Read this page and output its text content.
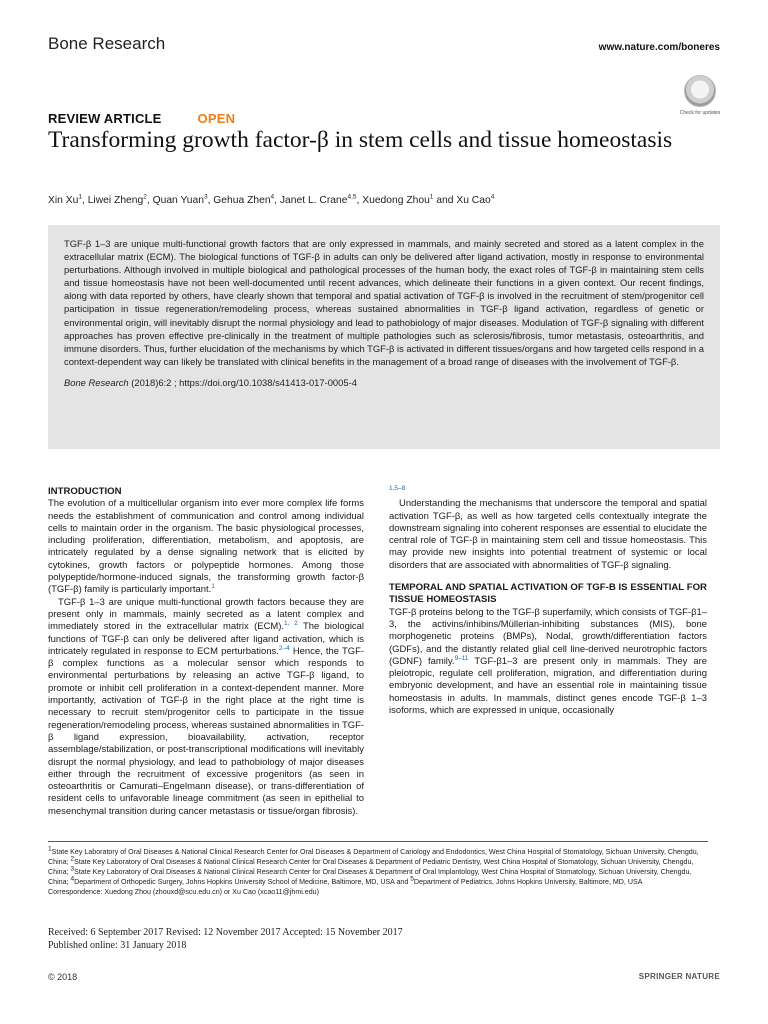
Bone Research	www.nature.com/boneres
Check for updates
REVIEW ARTICLE	OPEN
Transforming growth factor-β in stem cells and tissue homeostasis
Xin Xu$^1$, Liwei Zheng$^2$, Quan Yuan$^3$, Gehua Zhen$^4$, Janet L. Crane$^{4,5}$, Xuedong Zhou$^1$ and Xu Cao$^4$
TGF-β 1–3 are unique multi-functional growth factors that are only expressed in mammals, and mainly secreted and stored as a latent complex in the extracellular matrix (ECM). The biological functions of TGF-β in adults can only be delivered after ligand activation, mostly in response to environmental perturbations. Although involved in multiple biological and pathological processes of the human body, the exact roles of TGF-β in maintaining stem cells and tissue homeostasis have not been well-documented until recent advances, which delineate their functions in a given context. Our recent findings, along with data reported by others, have clearly shown that temporal and spatial activation of TGF-β is involved in the recruitment of stem/progenitor cell participation in tissue regeneration/remodeling process, whereas sustained abnormalities in TGF-β ligand activation, regardless of genetic or environmental origin, will inevitably disrupt the normal physiology and lead to pathobiology of major diseases. Modulation of TGF-β signaling with different approaches has proven effective pre-clinically in the treatment of multiple pathologies such as sclerosis/fibrosis, tumor metastasis, osteoarthritis, and immune disorders. Thus, further elucidation of the mechanisms by which TGF-β is activated in different tissues/organs and how targeted cells respond in a context-dependent way can likely be translated with clinical benefits in the management of a broad range of diseases with the involvement of TGF-β.
Bone Research (2018)6:2 ; https://doi.org/10.1038/s41413-017-0005-4

INTRODUCTION

The evolution of a multicellular organism into ever more complex life forms needs the establishment of communication and control among individual cells to maintain order in the organism. The basic physiological processes, including proliferation, differentiation, metabolism, and apoptosis, are intricately regulated by a dense signaling network that is elicited by cytokines, growth factors or polypeptide hormones. Among those polypeptide/hormone-induced signals, the transforming growth factor-β (TGF-β) family is particularly important.$^1$

TGF-β 1–3 are unique multi-functional growth factors because they are present only in mammals, mainly secreted as a latent complex and immediately stored in the extracellular matrix (ECM).$^{1, 2}$ The biological functions of TGF-β can only be delivered after ligand activation, which is intricately regulated in response to ECM perturbations.$^{2-4}$ Hence, the TGF-β complex functions as a molecular sensor which responds to environmental perturbations by releasing an active TGF-β ligand, to promote or inhibit cell proliferation in a context-dependent manner. More importantly, activation of TGF-β in the right place at the right time is necessary to recruit stem/progenitor cells to participate in the tissue regeneration/remodeling process, whereas sustained abnormalities in TGF-β ligand expression, bioavailability, activation, receptor assemblage/stabilization, or post-transcriptional modifications will inevitably disrupt the normal physiology, and lead to pathobiology of major diseases either through the recruitment of excessive progenitors (as seen in osteoarthritis or Camurati–Engelmann disease), or trans-differentiation of resident cells to unfavorable lineage commitment (as seen in epithelial to mesenchymal transition during cancer metastasis or tissue/organ fibrosis).

$^{1,5-8}$

Understanding the mechanisms that underscore the temporal and spatial activation TGF-β, as well as how targeted cells contextually integrate the downstream signaling into coherent responses are essential to elucidate the central role of TGF-β in maintaining stem cell and tissue homeostasis. This may provide new insights into potential treatment of systemic or local disorders that are associated with abnormalities of TGF-β signaling.

TEMPORAL AND SPATIAL ACTIVATION OF TGF-Β IS ESSENTIAL FOR TISSUE HOMEOSTASIS

TGF-β proteins belong to the TGF-β superfamily, which consists of TGF-β1–3, the activins/inhibins/Müllerian-inhibiting substances (MIS), bone morphogenetic proteins (BMPs), Nodal, growth/differentiation factors (GDFs), and the distantly related glial cell line-derived neurotrophic factors (GDNF) family.$^{9-11}$ TGF-β1–3 are present only in mammals. They are pleiotropic, regulate cell proliferation, migration, and differentiation during embryonic development, and have an essential role in maintaining tissue homeostasis in adults. In mammals, distinct genes encode TGF-β 1–3 isoforms, which are expressed in unique, occasionally

$^1$State Key Laboratory of Oral Diseases & National Clinical Research Center for Oral Diseases & Department of Cariology and Endodontics, West China Hospital of Stomatology, Sichuan University, Chengdu, China; $^2$State Key Laboratory of Oral Diseases & National Clinical Research Center for Oral Diseases & Department of Pediatric Dentistry, West China Hospital of Stomatology, Sichuan University, Chengdu, China; $^3$State Key Laboratory of Oral Diseases & National Clinical Research Center for Oral Diseases & Department of Oral Implantology, West China Hospital of Stomatology, Sichuan University, Chengdu, China; $^4$Department of Orthopedic Surgery, Johns Hopkins University School of Medicine, Baltimore, MD, USA and $^5$Department of Pediatrics, Johns Hopkins University, Baltimore, MD, USA
Correspondence: Xuedong Zhou (zhouxd@scu.edu.cn) or Xu Cao (xcao11@jhmi.edu)
Received: 6 September 2017 Revised: 12 November 2017 Accepted: 15 November 2017
Published online: 31 January 2018
© 2018	SPRINGER NATURE
